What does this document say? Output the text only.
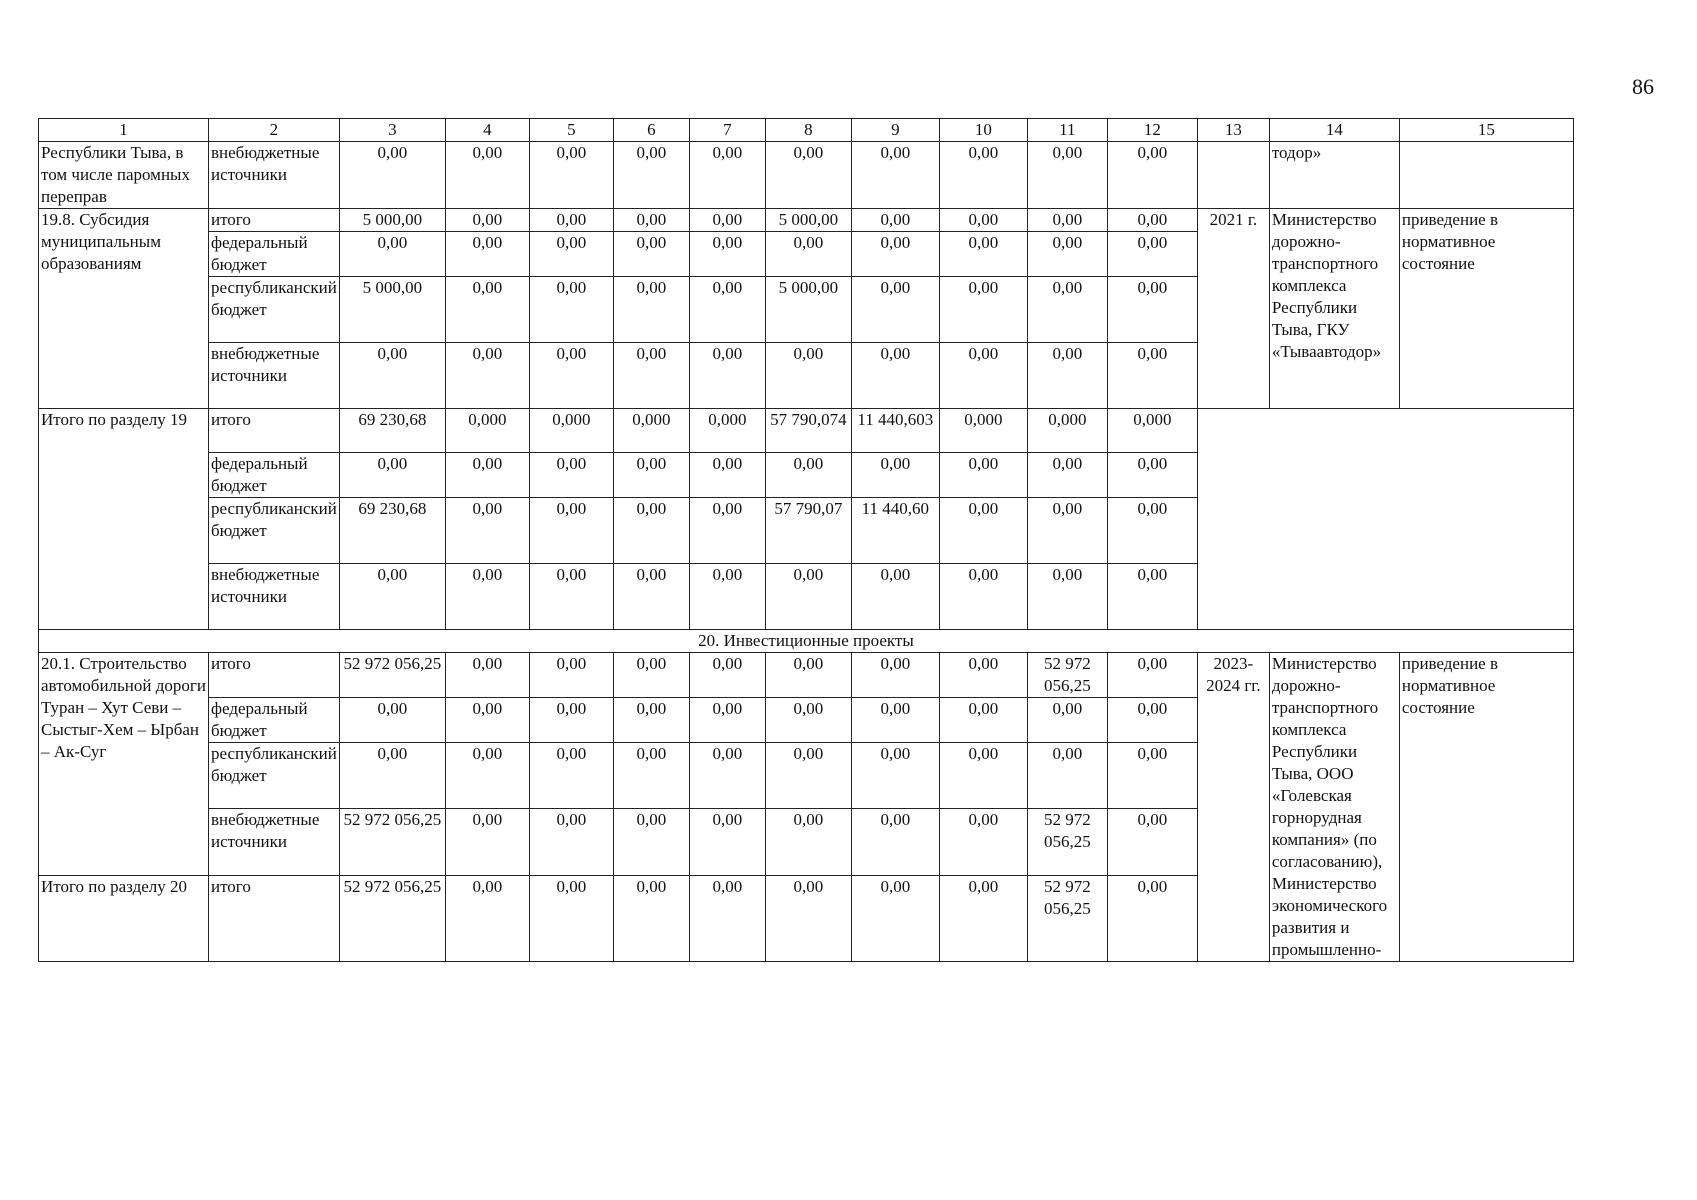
86
1	2	3	4	5	6	7	8	9	10	11	12	13	14	15
Республики Тыва, в том числе паромных переправ	внебюджетные источники	0,00	0,00	0,00	0,00	0,00	0,00	0,00	0,00	0,00	0,00		тодор»	
19.8. Субсидия муниципальным образованиям	итого	5 000,00	0,00	0,00	0,00	0,00	5 000,00	0,00	0,00	0,00	0,00	2021 г.	Министерство дорожно-транспортного комплекса Республики Тыва, ГКУ «Тываавтодор»	приведение в нормативное состояние
	федеральный бюджет	0,00	0,00	0,00	0,00	0,00	0,00	0,00	0,00	0,00	0,00			
	республиканский бюджет	5 000,00	0,00	0,00	0,00	0,00	5 000,00	0,00	0,00	0,00	0,00			
	внебюджетные источники	0,00	0,00	0,00	0,00	0,00	0,00	0,00	0,00	0,00	0,00			
Итого по разделу 19	итого	69 230,68	0,000	0,000	0,000	0,000	57 790,074	11 440,603	0,000	0,000	0,000			
	федеральный бюджет	0,00	0,00	0,00	0,00	0,00	0,00	0,00	0,00	0,00	0,00			
	республиканский бюджет	69 230,68	0,00	0,00	0,00	0,00	57 790,07	11 440,60	0,00	0,00	0,00			
	внебюджетные источники	0,00	0,00	0,00	0,00	0,00	0,00	0,00	0,00	0,00	0,00			
20. Инвестиционные проекты														
20.1. Строительство автомобильной дороги Туран – Хут Севи – Сыстыг-Хем – Ырбан – Ак-Суг	итого	52 972 056,25	0,00	0,00	0,00	0,00	0,00	0,00	0,00	52 972 056,25	0,00	2023-2024 гг.	Министерство дорожно-транспортного комплекса Республики Тыва, ООО «Голевская горнорудная компания» (по согласованию), Министерство экономического развития и промышленно-	приведение в нормативное состояние
	федеральный бюджет	0,00	0,00	0,00	0,00	0,00	0,00	0,00	0,00	0,00	0,00			
	республиканский бюджет	0,00	0,00	0,00	0,00	0,00	0,00	0,00	0,00	0,00	0,00			
	внебюджетные источники	52 972 056,25	0,00	0,00	0,00	0,00	0,00	0,00	0,00	52 972 056,25	0,00			
Итого по разделу 20	итого	52 972 056,25	0,00	0,00	0,00	0,00	0,00	0,00	0,00	52 972 056,25	0,00			
